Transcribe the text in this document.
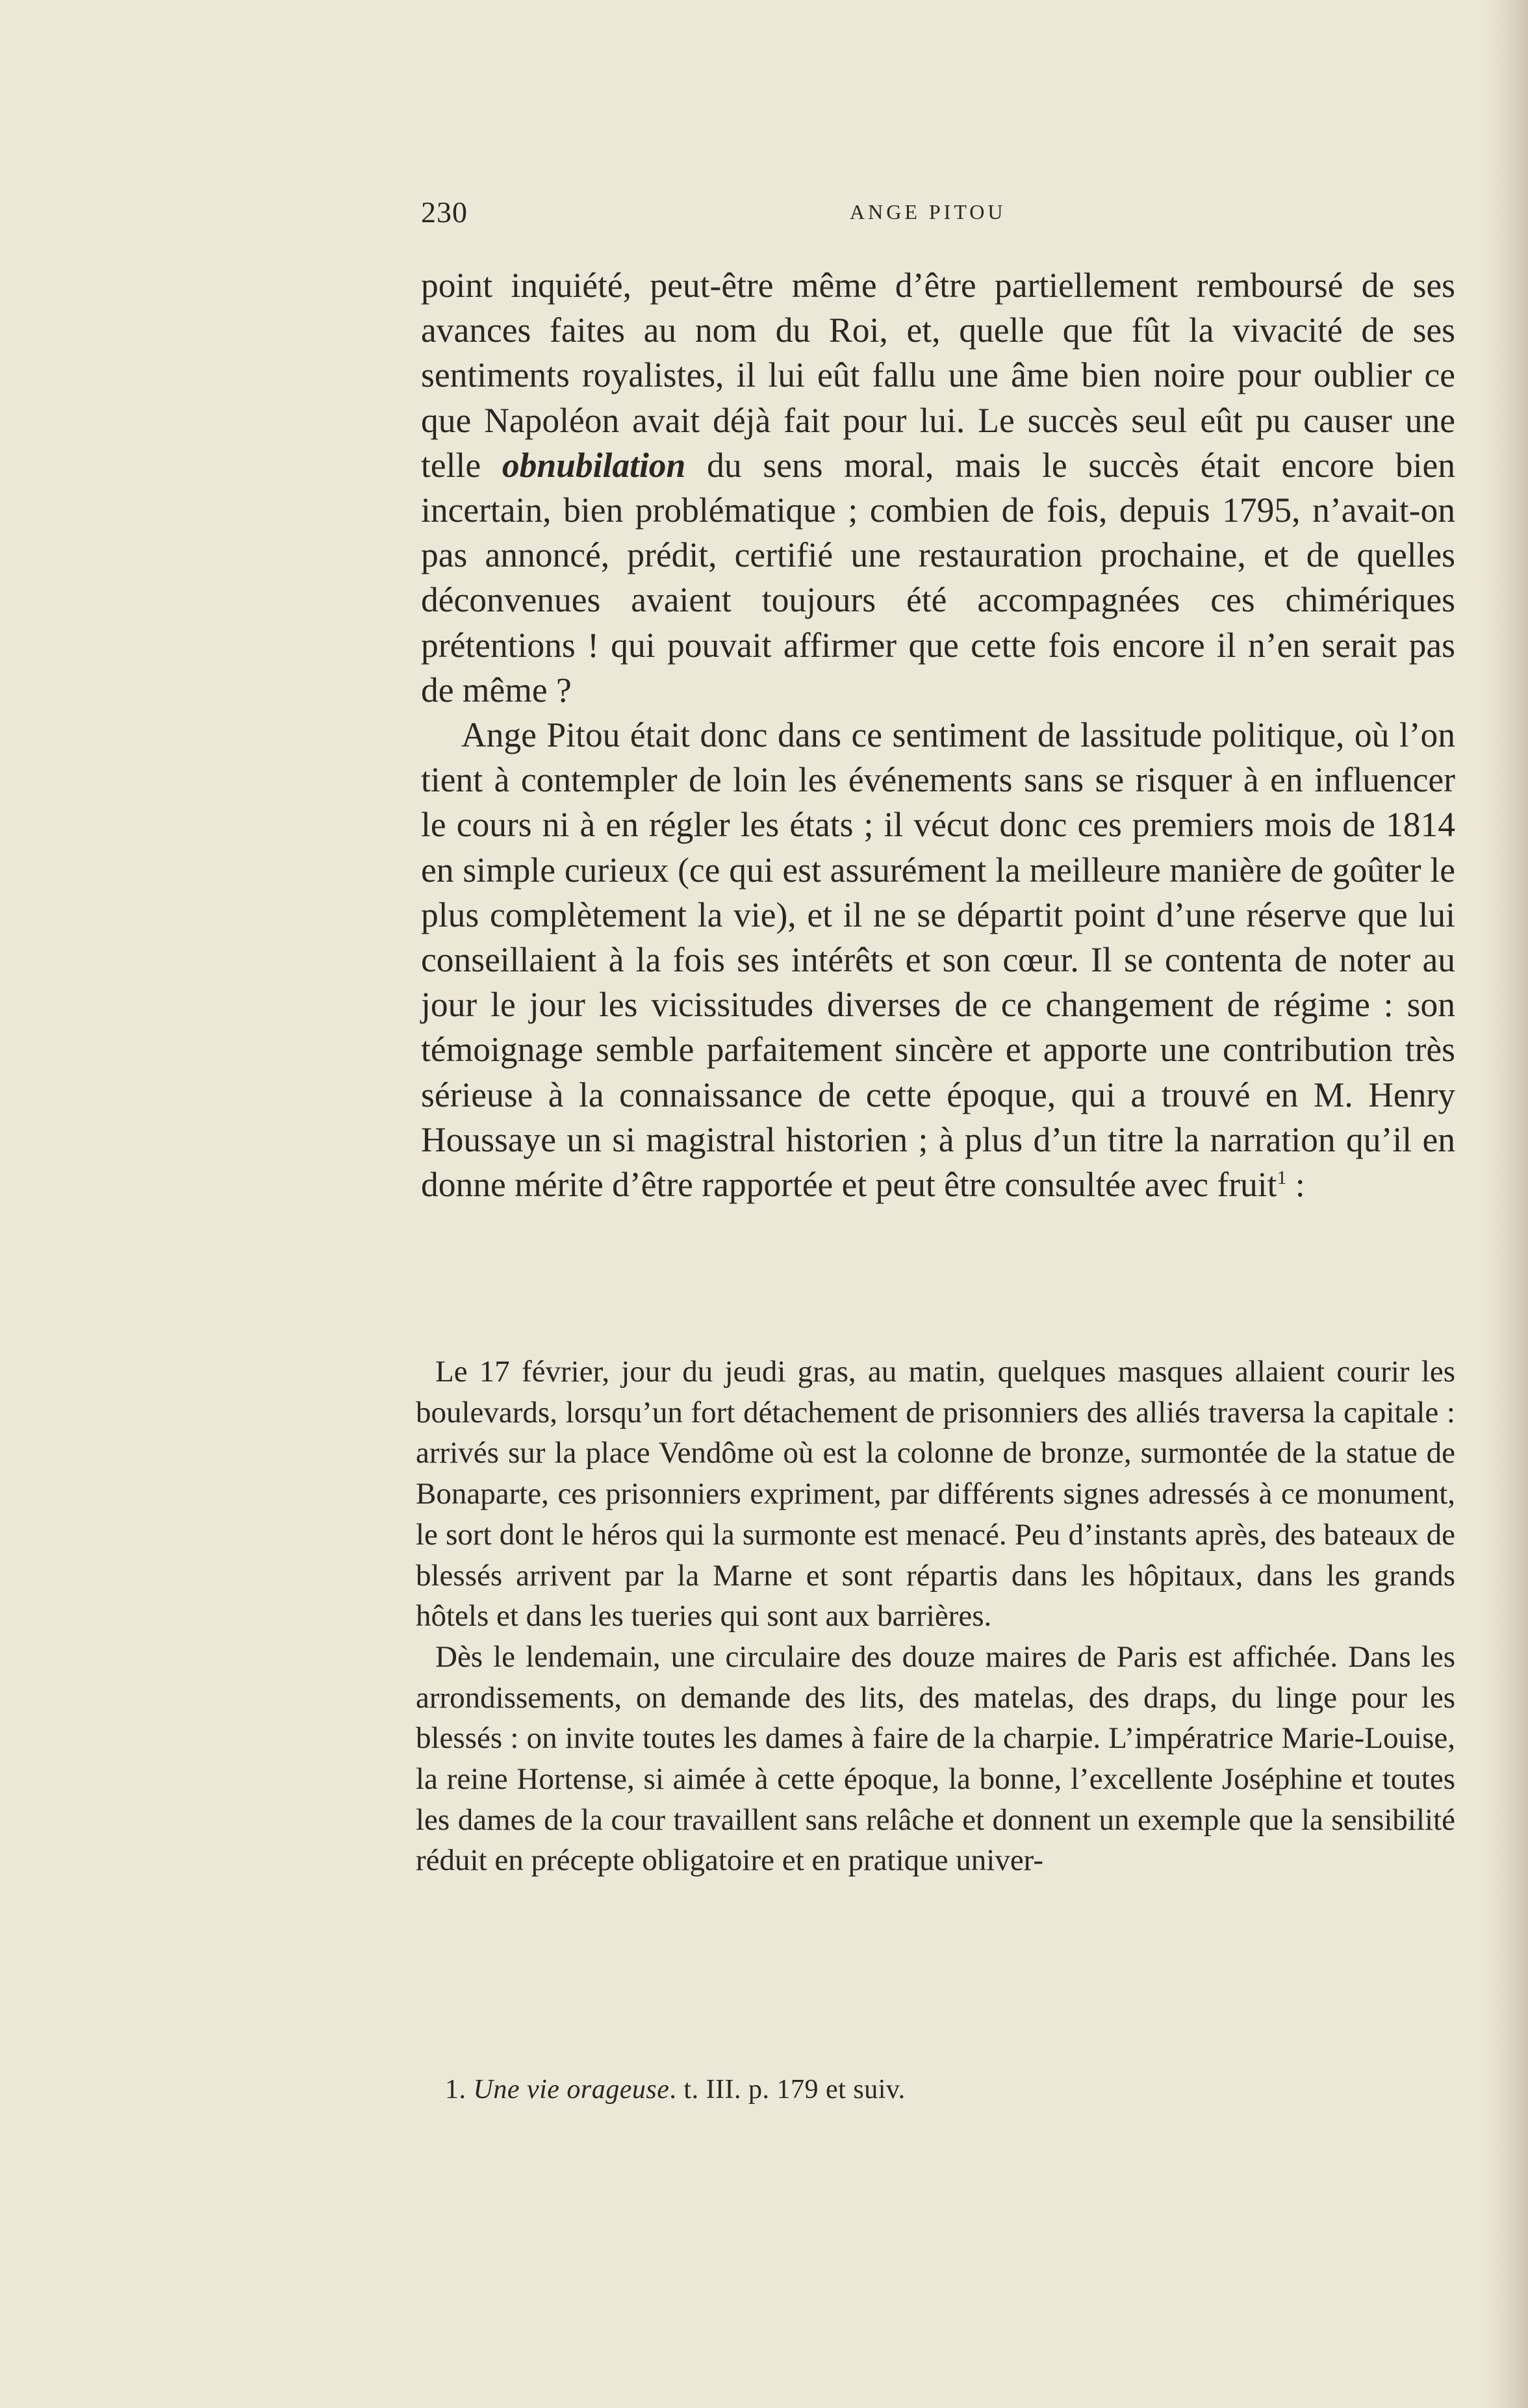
230	ANGE PITOU

point inquiété, peut-être même d’être partiellement remboursé de ses avances faites au nom du Roi, et, quelle que fût la vivacité de ses sentiments royalistes, il lui eût fallu une âme bien noire pour oublier ce que Napoléon avait déjà fait pour lui. Le succès seul eût pu causer une telle obnubilation du sens moral, mais le succès était encore bien incertain, bien problématique ; combien de fois, depuis 1795, n’avait-on pas annoncé, prédit, certifié une restauration prochaine, et de quelles déconvenues avaient toujours été accompagnées ces chimériques prétentions ! qui pouvait affirmer que cette fois encore il n’en serait pas de même ?

Ange Pitou était donc dans ce sentiment de lassitude politique, où l’on tient à contempler de loin les événements sans se risquer à en influencer le cours ni à en régler les états ; il vécut donc ces premiers mois de 1814 en simple curieux (ce qui est assurément la meilleure manière de goûter le plus complètement la vie), et il ne se départit point d’une réserve que lui conseillaient à la fois ses intérêts et son cœur. Il se contenta de noter au jour le jour les vicissitudes diverses de ce changement de régime : son témoignage semble parfaitement sincère et apporte une contribution très sérieuse à la connaissance de cette époque, qui a trouvé en M. Henry Houssaye un si magistral historien ; à plus d’un titre la narration qu’il en donne mérite d’être rapportée et peut être consultée avec fruit$^1$ :

Le 17 février, jour du jeudi gras, au matin, quelques masques allaient courir les boulevards, lorsqu’un fort détachement de prisonniers des alliés traversa la capitale : arrivés sur la place Vendôme où est la colonne de bronze, surmontée de la statue de Bonaparte, ces prisonniers expriment, par différents signes adressés à ce monument, le sort dont le héros qui la surmonte est menacé. Peu d’instants après, des bateaux de blessés arrivent par la Marne et sont répartis dans les hôpitaux, dans les grands hôtels et dans les tueries qui sont aux barrières.

Dès le lendemain, une circulaire des douze maires de Paris est affichée. Dans les arrondissements, on demande des lits, des matelas, des draps, du linge pour les blessés : on invite toutes les dames à faire de la charpie. L’impératrice Marie-Louise, la reine Hortense, si aimée à cette époque, la bonne, l’excellente Joséphine et toutes les dames de la cour travaillent sans relâche et donnent un exemple que la sensibilité réduit en précepte obligatoire et en pratique univer-

1. Une vie orageuse. t. III. p. 179 et suiv.
